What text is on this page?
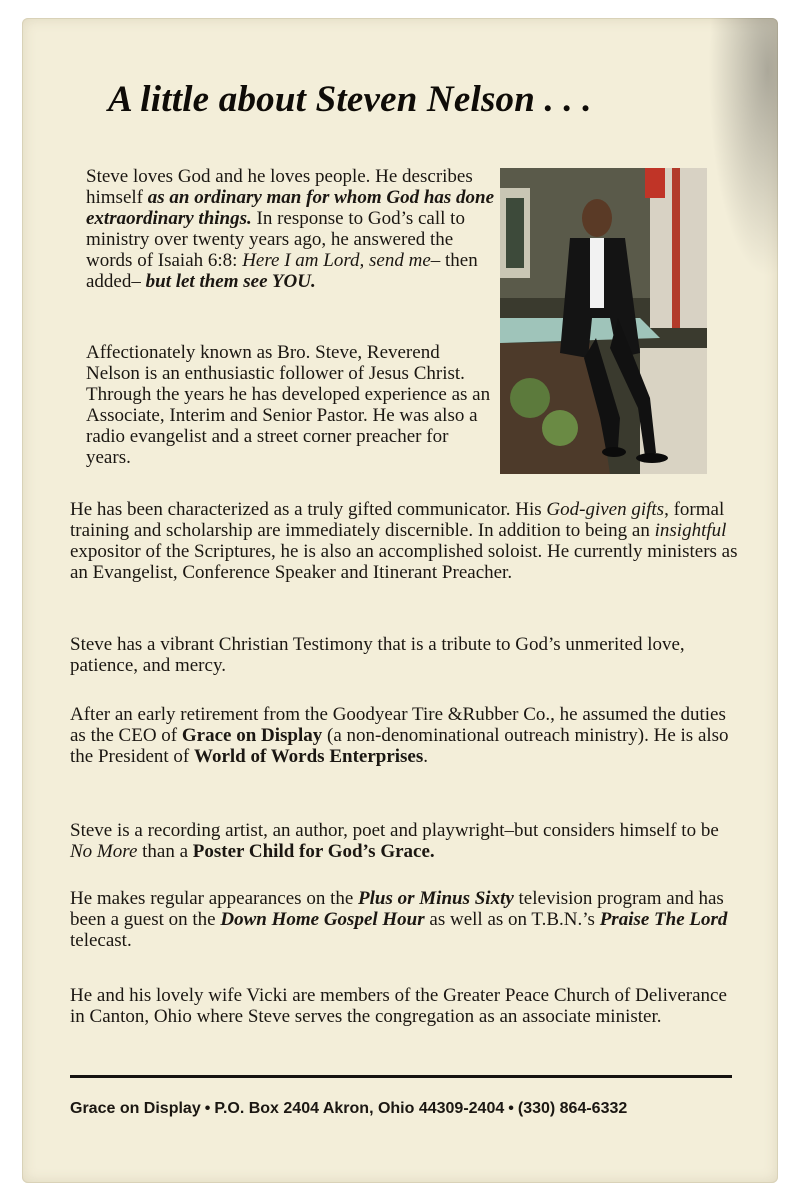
A little about Steven Nelson . . .

Steve loves God and he loves people. He describes himself as an ordinary man for whom God has done extraordinary things. In response to God’s call to ministry over twenty years ago, he answered the words of Isaiah 6:8: Here I am Lord, send me– then added– but let them see YOU.

Affectionately known as Bro. Steve, Reverend Nelson is an enthusiastic follower of Jesus Christ. Through the years he has developed experience as an Associate, Interim and Senior Pastor. He was also a radio evangelist and a street corner preacher for years.

He has been characterized as a truly gifted communicator. His God-given gifts, formal training and scholarship are immediately discernible. In addition to being an insightful expositor of the Scriptures, he is also an accomplished soloist. He currently ministers as an Evangelist, Conference Speaker and Itinerant Preacher.

Steve has a vibrant Christian Testimony that is a tribute to God’s unmerited love, patience, and mercy.

After an early retirement from the Goodyear Tire &Rubber Co., he assumed the duties as the CEO of Grace on Display (a non-denominational outreach ministry). He is also the President of World of Words Enterprises.

Steve is a recording artist, an author, poet and playwright–but considers himself to be No More than a Poster Child for God’s Grace.

He makes regular appearances on the Plus or Minus Sixty television program and has been a guest on the Down Home Gospel Hour as well as on T.B.N.’s Praise The Lord telecast.

He and his lovely wife Vicki are members of the Greater Peace Church of Deliverance in Canton, Ohio where Steve serves the congregation as an associate minister.

Grace on Display • P.O. Box 2404 Akron, Ohio 44309-2404 • (330) 864-6332
